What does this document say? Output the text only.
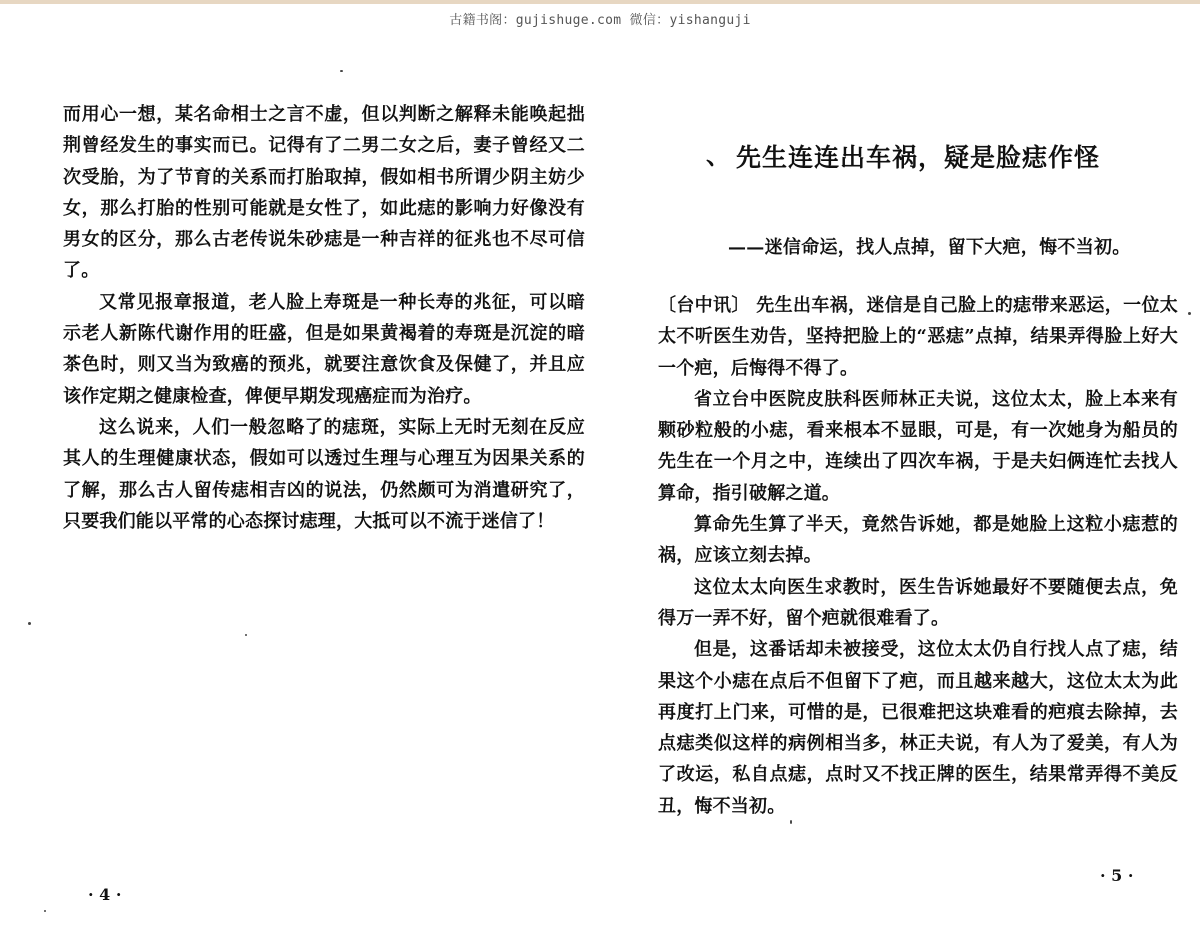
古籍书阁：gujishuge.com 微信：yishanguji

而用心一想，某名命相士之言不虚，但以判断之解释未能唤起拙荆曾经发生的事实而已。记得有了二男二女之后，妻子曾经又二次受胎，为了节育的关系而打胎取掉，假如相书所谓少阴主妨少女，那么打胎的性别可能就是女性了，如此痣的影响力好像没有男女的区分，那么古老传说朱砂痣是一种吉祥的征兆也不尽可信了。

又常见报章报道，老人脸上寿斑是一种长寿的兆征，可以暗示老人新陈代谢作用的旺盛，但是如果黄褐着的寿斑是沉淀的暗茶色时，则又当为致癌的预兆，就要注意饮食及保健了，并且应该作定期之健康检查，俾便早期发现癌症而为治疗。

这么说来，人们一般忽略了的痣斑，实际上无时无刻在反应其人的生理健康状态，假如可以透过生理与心理互为因果关系的了解，那么古人留传痣相吉凶的说法，仍然颇可为消遣研究了，只要我们能以平常的心态探讨痣理，大抵可以不流于迷信了！

· 4 ·
、 先生连连出车祸，疑是脸痣作怪
——迷信命运，找人点掉，留下大疤，悔不当初。

〔台中讯〕 先生出车祸，迷信是自己脸上的痣带来恶运，一位太太不听医生劝告，坚持把脸上的“恶痣”点掉，结果弄得脸上好大一个疤，后悔得不得了。

省立台中医院皮肤科医师林正夫说，这位太太，脸上本来有颗砂粒般的小痣，看来根本不显眼，可是，有一次她身为船员的先生在一个月之中，连续出了四次车祸，于是夫妇俩连忙去找人算命，指引破解之道。

算命先生算了半天，竟然告诉她，都是她脸上这粒小痣惹的祸，应该立刻去掉。

这位太太向医生求教时，医生告诉她最好不要随便去点，免得万一弄不好，留个疤就很难看了。

但是，这番话却未被接受，这位太太仍自行找人点了痣，结果这个小痣在点后不但留下了疤，而且越来越大，这位太太为此再度打上门来，可惜的是，已很难把这块难看的疤痕去除掉，去点痣类似这样的病例相当多，林正夫说，有人为了爱美，有人为了改运，私自点痣，点时又不找正牌的医生，结果常弄得不美反丑，悔不当初。

· 5 ·
